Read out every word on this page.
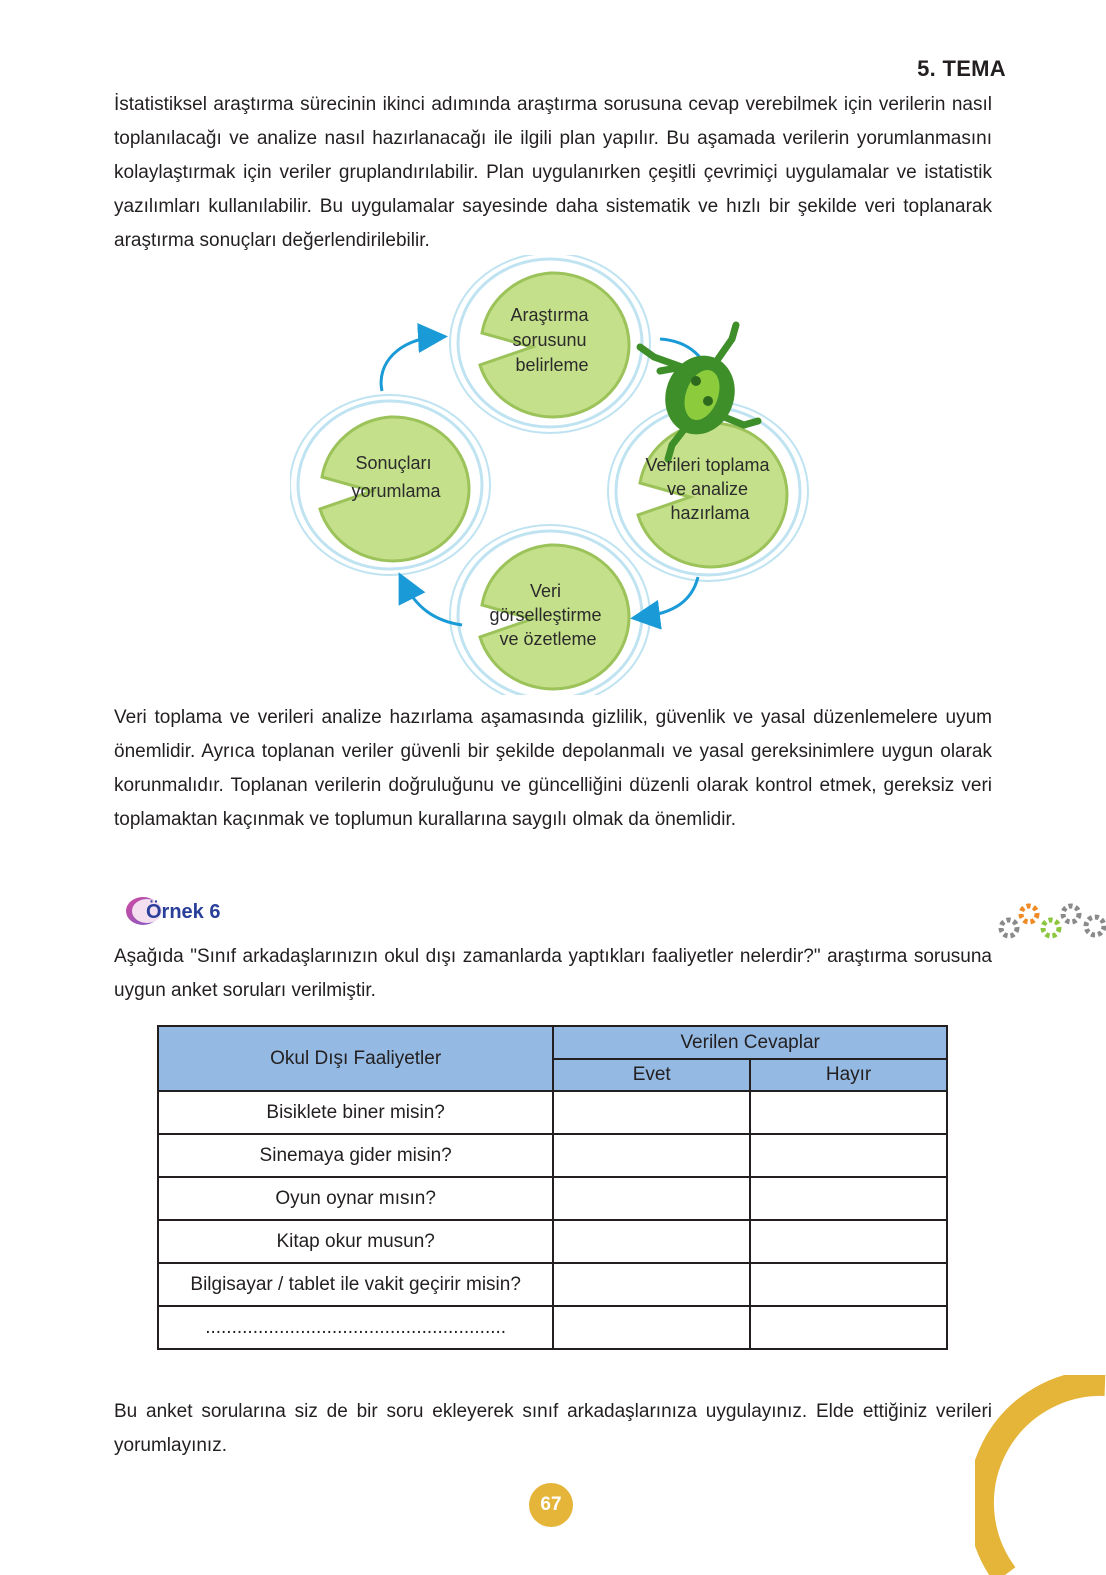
5. TEMA

İstatistiksel araştırma sürecinin ikinci adımında araştırma sorusuna cevap verebilmek için verilerin nasıl toplanılacağı ve analize nasıl hazırlanacağı ile ilgili plan yapılır. Bu aşamada verilerin yorumlanmasını kolaylaştırmak için veriler gruplandırılabilir. Plan uygulanırken çeşitli çevrimiçi uygulamalar ve istatistik yazılımları kullanılabilir. Bu uygulamalar sayesinde daha sistematik ve hızlı bir şekilde veri toplanarak araştırma sonuçları değerlendirilebilir.

Araştırma sorusunu belirleme
Sonuçları yorumlama
Verileri toplama ve analize hazırlama
Veri görselleştirme ve özetleme

Veri toplama ve verileri analize hazırlama aşamasında gizlilik, güvenlik ve yasal düzenlemelere uyum önemlidir. Ayrıca toplanan veriler güvenli bir şekilde depolanmalı ve yasal gereksinimlere uygun olarak korunmalıdır. Toplanan verilerin doğruluğunu ve güncelliğini düzenli olarak kontrol etmek, gereksiz veri toplamaktan kaçınmak ve toplumun kurallarına saygılı olmak da önemlidir.

Örnek 6

Aşağıda "Sınıf arkadaşlarınızın okul dışı zamanlarda yaptıkları faaliyetler nelerdir?" araştırma sorusuna uygun anket soruları verilmiştir.

Okul Dışı Faaliyetler	Verilen Cevaplar	
	Evet	Hayır
Bisiklete biner misin?		
Sinemaya gider misin?		
Oyun oynar mısın?		
Kitap okur musun?		
Bilgisayar / tablet ile vakit geçirir misin?		
.........................................................		

Bu anket sorularına siz de bir soru ekleyerek sınıf arkadaşlarınıza uygulayınız. Elde ettiğiniz verileri yorumlayınız.

67
